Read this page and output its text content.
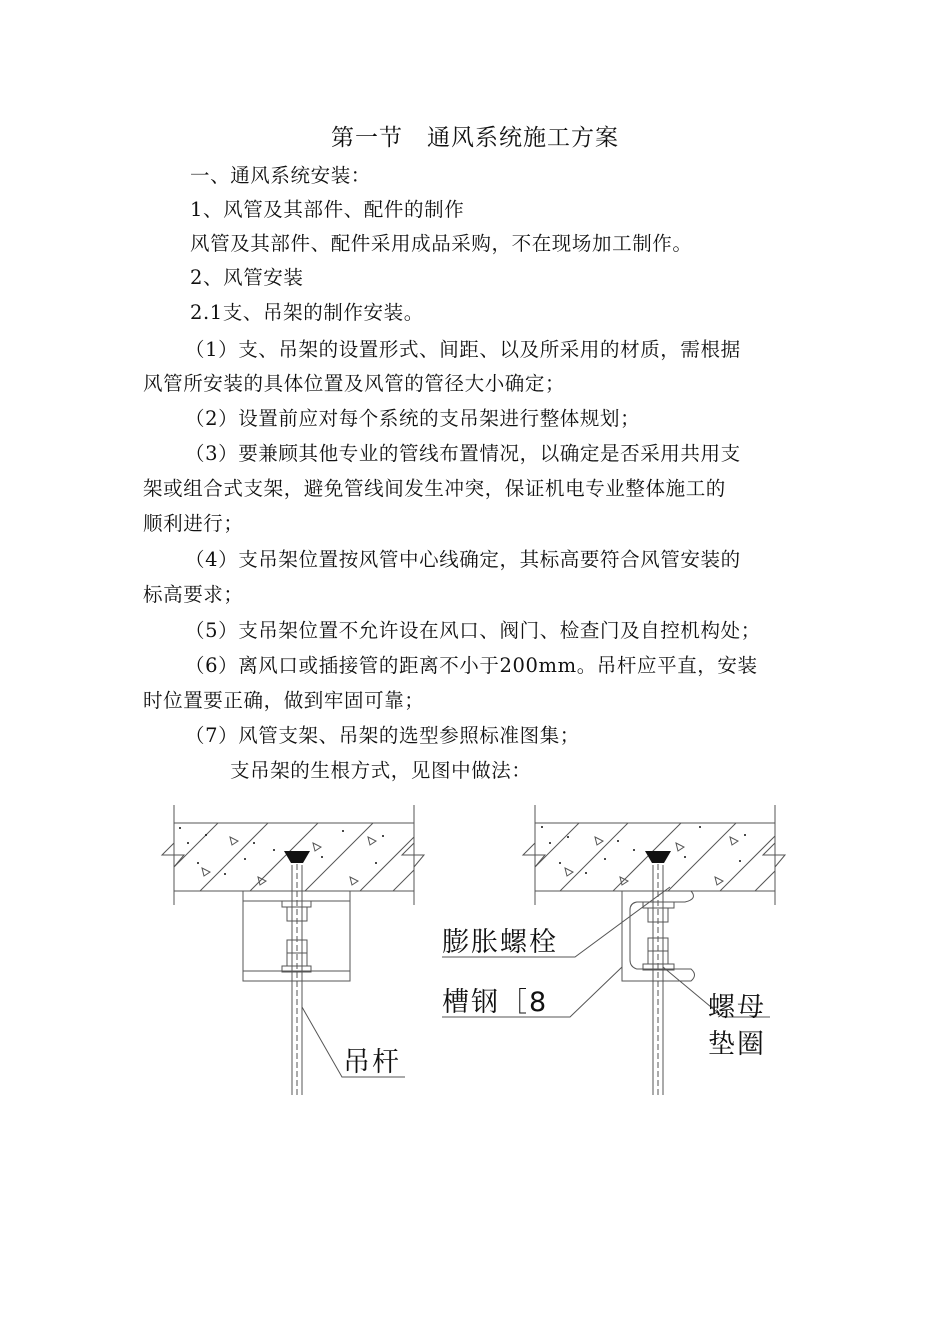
第一节　通风系统施工方案
一、通风系统安装：
1、风管及其部件、配件的制作
风管及其部件、配件采用成品采购，不在现场加工制作。
2、风管安装
2.1支、吊架的制作安装。
（1）支、吊架的设置形式、间距、以及所采用的材质，需根据
风管所安装的具体位置及风管的管径大小确定；
（2）设置前应对每个系统的支吊架进行整体规划；
（3）要兼顾其他专业的管线布置情况，以确定是否采用共用支
架或组合式支架，避免管线间发生冲突，保证机电专业整体施工的
顺利进行；
（4）支吊架位置按风管中心线确定，其标高要符合风管安装的
标高要求；
（5）支吊架位置不允许设在风口、阀门、检查门及自控机构处；
（6）离风口或插接管的距离不小于200mm。吊杆应平直，安装
时位置要正确，做到牢固可靠；
（7）风管支架、吊架的选型参照标准图集；
支吊架的生根方式，见图中做法：
吊杆
膨胀螺栓
槽钢［8	螺母
垫圈
